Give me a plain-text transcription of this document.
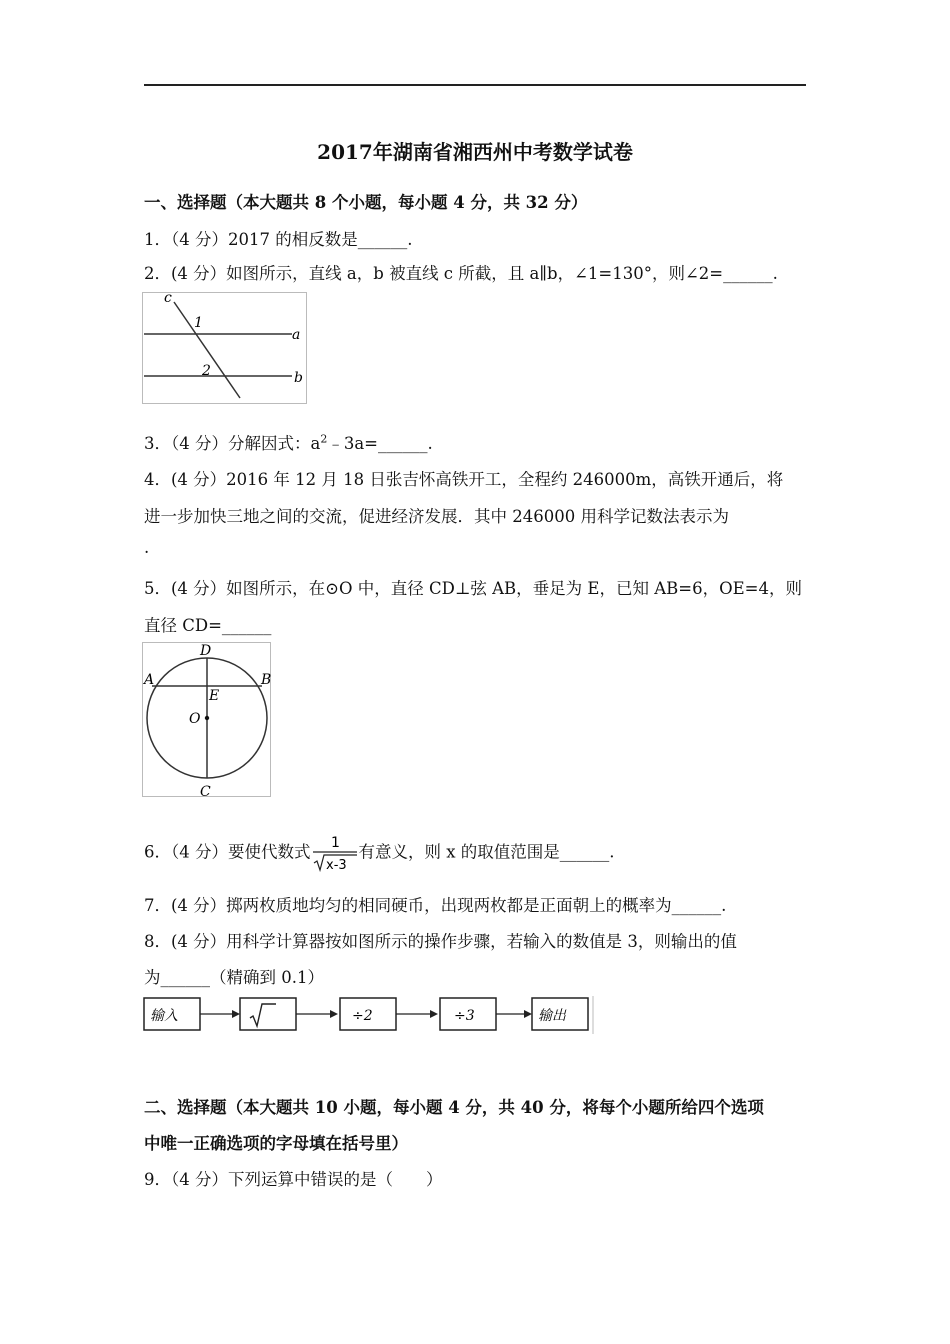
2017年湖南省湘西州中考数学试卷
一、选择题（本大题共 8 个小题，每小题 4 分，共 32 分）
1．（4 分）2017 的相反数是______.
2．(4 分）如图所示，直线 a，b 被直线 c 所截，且 a∥b，∠1=130°，则∠2=______.
c
1
a
2	b
3．（4 分）分解因式：$a^2﹣3a=\_\_\_\_\_\_$.
4．(4 分）2016 年 12 月 18 日张吉怀高铁开工，全程约 246000m，高铁开通后，将
进一步加快三地之间的交流，促进经济发展．其中 246000 用科学记数法表示为
.
5．(4 分）如图所示，在⊙O 中，直径 CD⊥弦 AB，垂足为 E，已知 AB=6，OE=4，则
直径 CD=______
D
A	B
E
O
C
6．（4 分）要使代数式 1
x-3
有意义，则 x 的取值范围是______.
7．(4 分）掷两枚质地均匀的相同硬币，出现两枚都是正面朝上的概率为______.
8．(4 分）用科学计算器按如图所示的操作步骤，若输入的数值是 3，则输出的值
为______（精确到 0.1）
输入	÷2	÷3	输出
二、选择题（本大题共 10 小题，每小题 4 分，共 40 分，将每个小题所给四个选项
中唯一正确选项的字母填在括号里）
9．（4 分）下列运算中错误的是（　　）
